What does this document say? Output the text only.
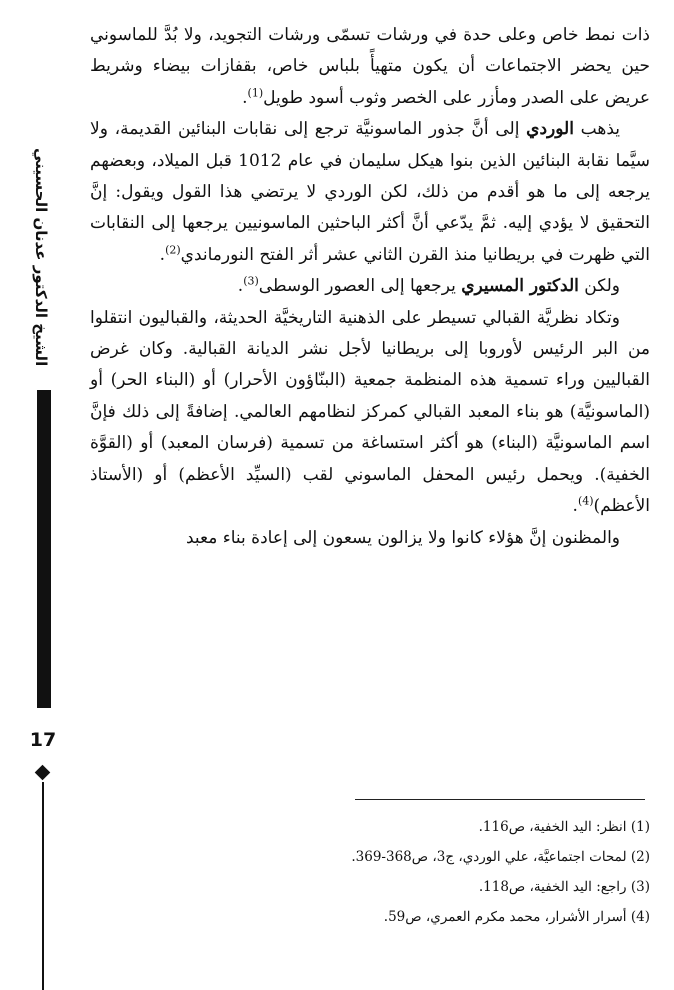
الشيخ الدكتور عدنان الحسيني
17

ذات نمط خاص وعلى حدة في ورشات تسمّى ورشات التجويد، ولا بُدَّ للماسوني حين يحضر الاجتماعات أن يكون متهيأً بلباس خاص، بقفازات بيضاء وشريط عريض على الصدر ومأزر على الخصر وثوب أسود طويل$^{(1)}$.

يذهب الوردي إلى أنَّ جذور الماسونيَّة ترجع إلى نقابات البنائين القديمة، ولا سيَّما نقابة البنائين الذين بنوا هيكل سليمان في عام 1012 قبل الميلاد، وبعضهم يرجعه إلى ما هو أقدم من ذلك، لكن الوردي لا يرتضي هذا القول ويقول: إنَّ التحقيق لا يؤدي إليه. ثمَّ يدّعي أنَّ أكثر الباحثين الماسونيين يرجعها إلى النقابات التي ظهرت في بريطانيا منذ القرن الثاني عشر أثر الفتح النورماندي$^{(2)}$.

ولكن الدكتور المسيري يرجعها إلى العصور الوسطى$^{(3)}$.

وتكاد نظريَّة القبالي تسيطر على الذهنية التاريخيَّة الحديثة، والقباليون انتقلوا من البر الرئيس لأوروبا إلى بريطانيا لأجل نشر الديانة القبالية. وكان غرض القباليين وراء تسمية هذه المنظمة جمعية (البنّاؤون الأحرار) أو (البناء الحر) أو (الماسونيَّة) هو بناء المعبد القبالي كمركز لنظامهم العالمي. إضافةً إلى ذلك فإنَّ اسم الماسونيَّة (البناء) هو أكثر استساغة من تسمية (فرسان المعبد) أو (القوَّة الخفية). ويحمل رئيس المحفل الماسوني لقب (السيِّد الأعظم) أو (الأستاذ الأعظم)$^{(4)}$.

والمظنون إنَّ هؤلاء كانوا ولا يزالون يسعون إلى إعادة بناء معبد

(1) انظر: اليد الخفية، ص116.

(2) لمحات اجتماعيَّة، علي الوردي، ج3، ص368-369.

(3) راجع: اليد الخفية، ص118.

(4) أسرار الأشرار، محمد مكرم العمري، ص59.
